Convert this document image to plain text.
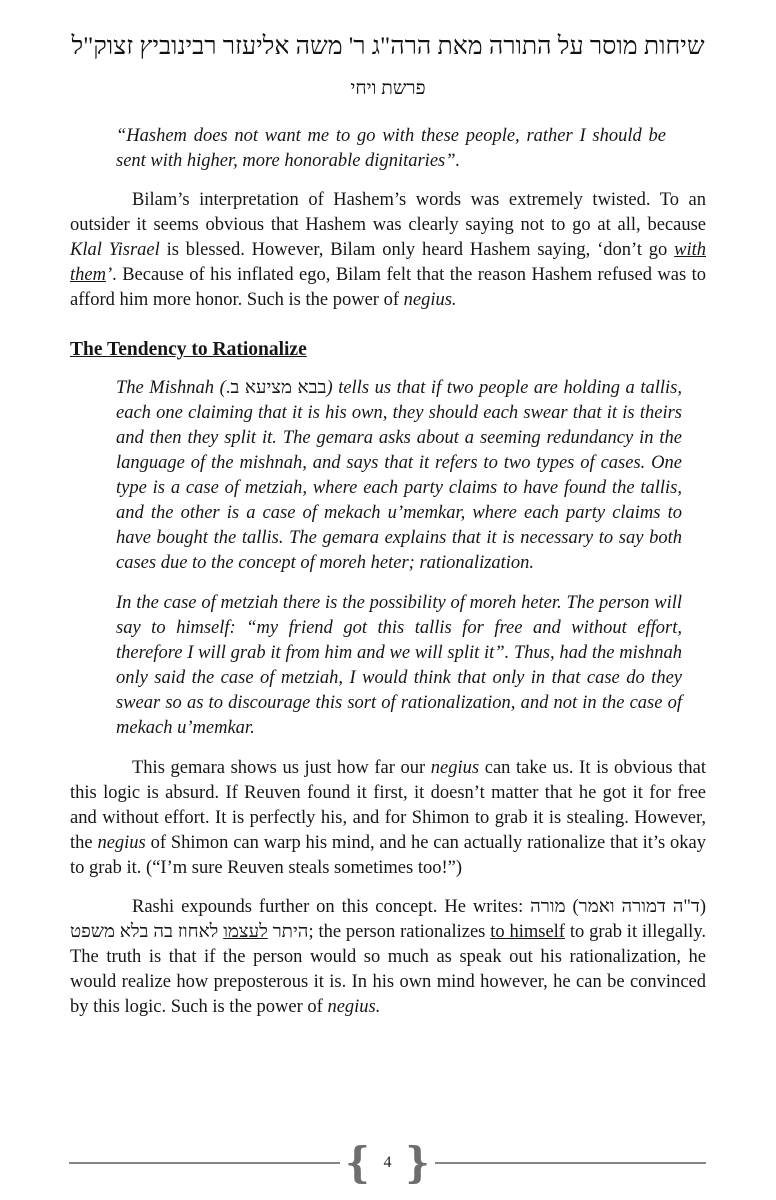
שיחות מוסר על התורה מאת הרה"ג ר' משה אליעזר רבינוביץ זצוק"ל
פרשת ויחי
“Hashem does not want me to go with these people, rather I should be sent with higher, more honorable dignitaries”.
Bilam’s interpretation of Hashem’s words was extremely twisted. To an outsider it seems obvious that Hashem was clearly saying not to go at all, because Klal Yisrael is blessed. However, Bilam only heard Hashem saying, ‘don’t go with them’. Because of his inflated ego, Bilam felt that the reason Hashem refused was to afford him more honor. Such is the power of negius.
The Tendency to Rationalize
The Mishnah (בבא מציעא ב.) tells us that if two people are holding a tallis, each one claiming that it is his own, they should each swear that it is theirs and then they split it. The gemara asks about a seeming redundancy in the language of the mishnah, and says that it refers to two types of cases. One type is a case of metziah, where each party claims to have found the tallis, and the other is a case of mekach u’memkar, where each party claims to have bought the tallis. The gemara explains that it is necessary to say both cases due to the concept of moreh heter; rationalization.
In the case of metziah there is the possibility of moreh heter. The person will say to himself: “my friend got this tallis for free and without effort, therefore I will grab it from him and we will split it”. Thus, had the mishnah only said the case of metziah, I would think that only in that case do they swear so as to discourage this sort of rationalization, and not in the case of mekach u’memkar.
This gemara shows us just how far our negius can take us. It is obvious that this logic is absurd. If Reuven found it first, it doesn’t matter that he got it for free and without effort. It is perfectly his, and for Shimon to grab it is stealing. However, the negius of Shimon can warp his mind, and he can actually rationalize that it’s okay to grab it. (“I’m sure Reuven steals sometimes too!”)
Rashi expounds further on this concept. He writes: (ד"ה דמורה ואמר) מורה היתר לעצמו לאחוז בה בלא משפט	; the person rationalizes to himself to grab it illegally. The truth is that if the person would so much as speak out his rationalization, he would realize how preposterous it is. In his own mind however, he can be convinced by this logic. Such is the power of negius.
{ 4 }
